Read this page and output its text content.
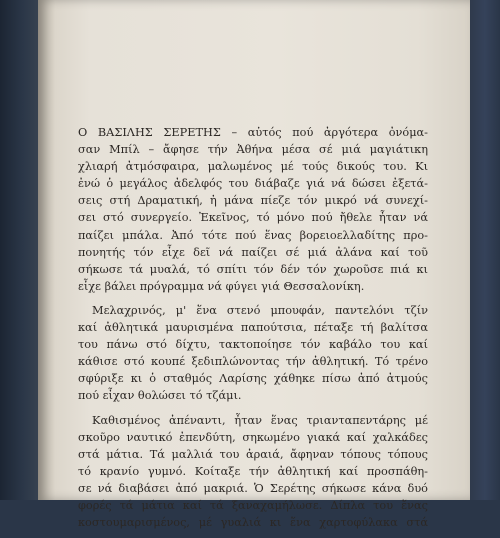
Ο ΒΑΣΙΛΗΣ ΣΕΡΕΤΗΣ – αὐτός πού ἀργότερα ὀνόμα-
σαν Μπίλ – ἄφησε τήν Ἀθήνα μέσα σέ μιά μαγιάτικη
χλιαρή ἀτμόσφαιρα, μαλωμένος μέ τούς δικούς του. Κι
ἐνώ ὁ μεγάλος ἀδελφός του διάβαζε γιά νά δώσει ἐξετά-
σεις στή Δραματική, ἡ μάνα πίεζε τόν μικρό νά συνεχί-
σει στό συνεργείο. Ἐκεῖνος, τό μόνο πού ἤθελε ἦταν νά
παίζει μπάλα. Ἀπό τότε πού ἕνας βορειοελλαδίτης πρo-
πονητής τόν εἶχε δεῖ νά παίζει σέ μιά ἀλάνα καί τοῦ
σήκωσε τά μυαλά, τό σπίτι τόν δέν τόν χωροῦσε πιά κι
εἶχε βάλει πρόγραμμα νά φύγει γιά Θεσσαλονίκη.
Μελαχρινός, μ' ἕνα στενό μπουφάν, παντελόνι τζίν
καί ἀθλητικά μαυρισμένα παπούτσια, πέταξε τή βαλίτσα
του πάνω στό δίχτυ, τακτοποίησε τόν καβάλο του καί
κάθισε στό κουπέ ξεδιπλώνοντας τήν ἀθλητική. Τό τρένο
σφύριξε κι ὁ σταθμός Λαρίσης χάθηκε πίσω ἀπό ἀτμούς
πού εἶχαν θολώσει τό τζάμι.
Καθισμένος ἀπέναντι, ἦταν ἕνας τριανταπεντάρης μέ
σκοῦρο ναυτικό ἐπενδύτη, σηκωμένο γιακά καί χαλκάδες
στά μάτια. Τά μαλλιά του ἀραιά, ἄφηναν τόπους τόπους
τό κρανίο γυμνό. Κοίταξε τήν ἀθλητική καί προσπάθη-
σε νά διαβάσει ἀπό μακριά. Ὁ Σερέτης σήκωσε κάνα δυό
φορές τά μάτια καί τά ξαναχαμήλωσε. Δίπλα του ἕνας
κοστουμαρισμένος, μέ γυαλιά κι ἕνα χαρτοφύλακα στά
